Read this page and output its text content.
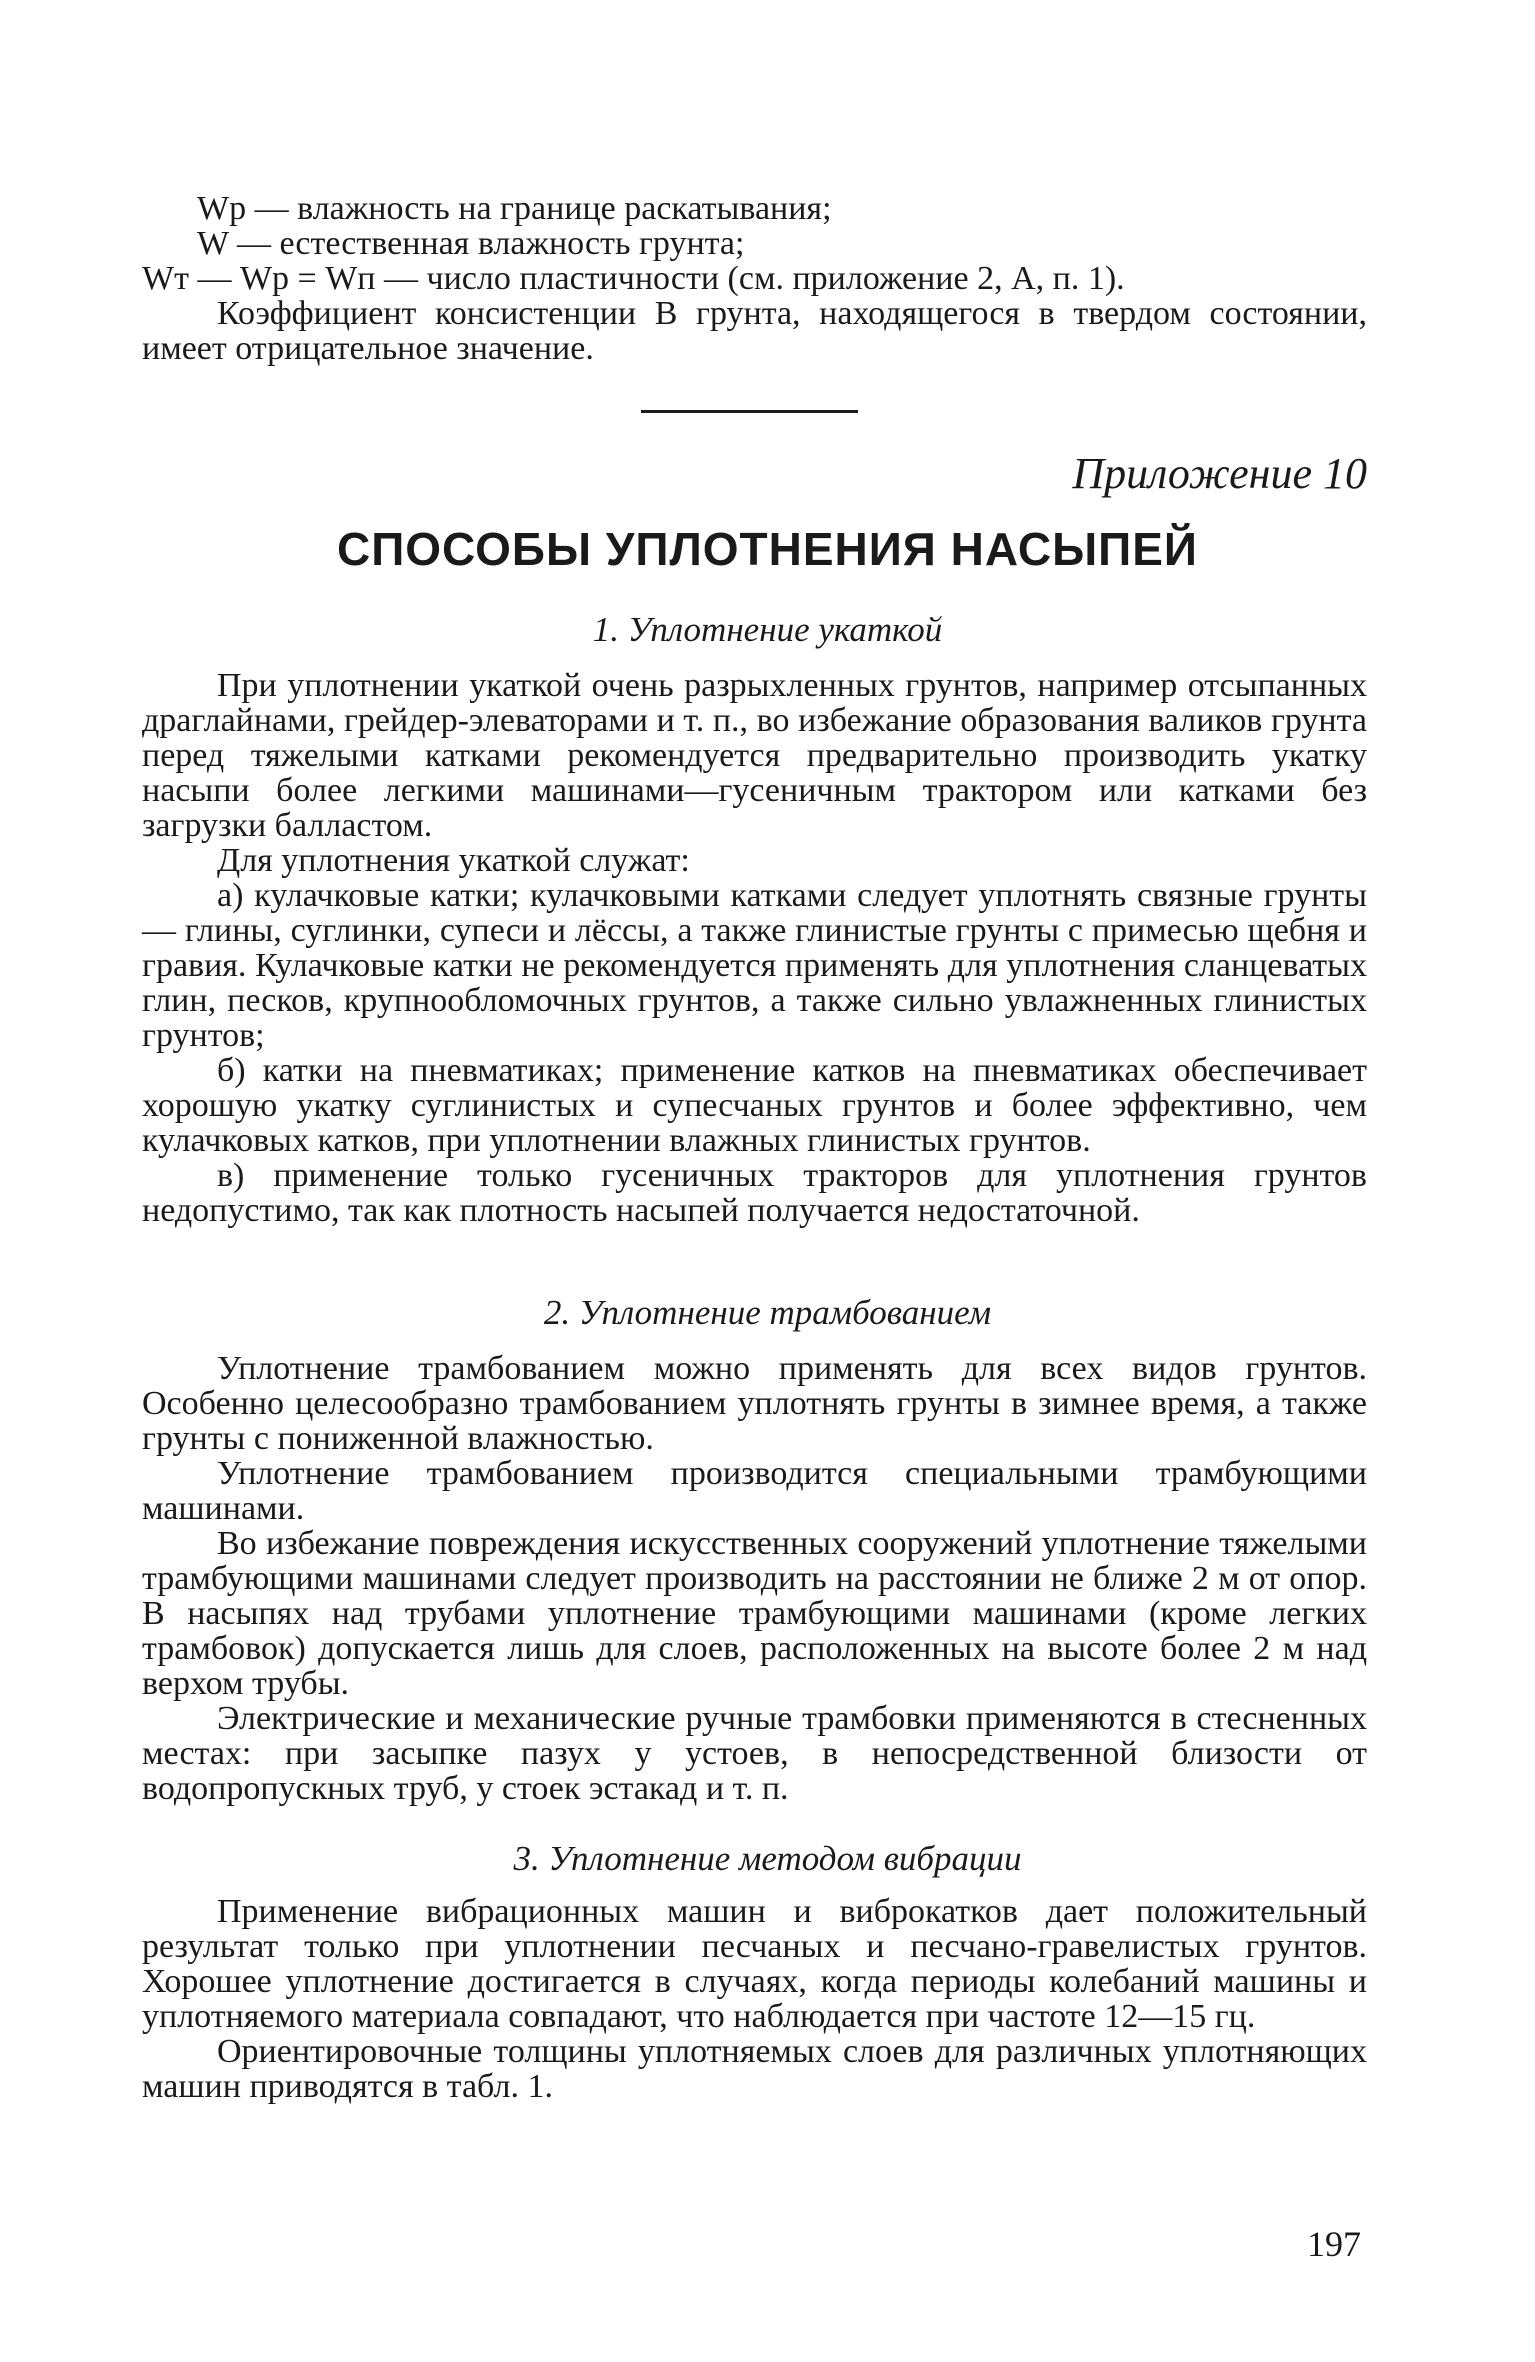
Wр — влажность на границе раскатывания;

W — естественная влажность грунта;

Wт — Wр = Wп — число пластичности (см. приложение 2, А, п. 1).

Коэффициент консистенции B грунта, находящегося в твердом состоянии, имеет отрицательное значение.

Приложение 10
СПОСОБЫ УПЛОТНЕНИЯ НАСЫПЕЙ
1. Уплотнение укаткой

При уплотнении укаткой очень разрыхленных грунтов, например отсыпанных драглайнами, грейдер-элеваторами и т. п., во избежание образования валиков грунта перед тяжелыми катками рекомендуется предварительно производить укатку насыпи более легкими машинами—гусеничным трактором или катками без загрузки балластом.

Для уплотнения укаткой служат:

а) кулачковые катки; кулачковыми катками следует уплотнять связные грунты — глины, суглинки, супеси и лёссы, а также глинистые грунты с примесью щебня и гравия. Кулачковые катки не рекомендуется применять для уплотнения сланцеватых глин, песков, крупнообломочных грунтов, а также сильно увлажненных глинистых грунтов;

б) катки на пневматиках; применение катков на пневматиках обеспечивает хорошую укатку суглинистых и супесчаных грунтов и более эффективно, чем кулачковых катков, при уплотнении влажных глинистых грунтов.

в) применение только гусеничных тракторов для уплотнения грунтов недопустимо, так как плотность насыпей получается недостаточной.

2. Уплотнение трамбованием

Уплотнение трамбованием можно применять для всех видов грунтов. Особенно целесообразно трамбованием уплотнять грунты в зимнее время, а также грунты с пониженной влажностью.

Уплотнение трамбованием производится специальными трамбующими машинами.

Во избежание повреждения искусственных сооружений уплотнение тяжелыми трамбующими машинами следует производить на расстоянии не ближе 2 м от опор. В насыпях над трубами уплотнение трамбующими машинами (кроме легких трамбовок) допускается лишь для слоев, расположенных на высоте более 2 м над верхом трубы.

Электрические и механические ручные трамбовки применяются в стесненных местах: при засыпке пазух у устоев, в непосредственной близости от водопропускных труб, у стоек эстакад и т. п.

3. Уплотнение методом вибрации

Применение вибрационных машин и виброкатков дает положительный результат только при уплотнении песчаных и песчано-гравелистых грунтов. Хорошее уплотнение достигается в случаях, когда периоды колебаний машины и уплотняемого материала совпадают, что наблюдается при частоте 12—15 гц.

Ориентировочные толщины уплотняемых слоев для различных уплотняющих машин приводятся в табл. 1.

197
